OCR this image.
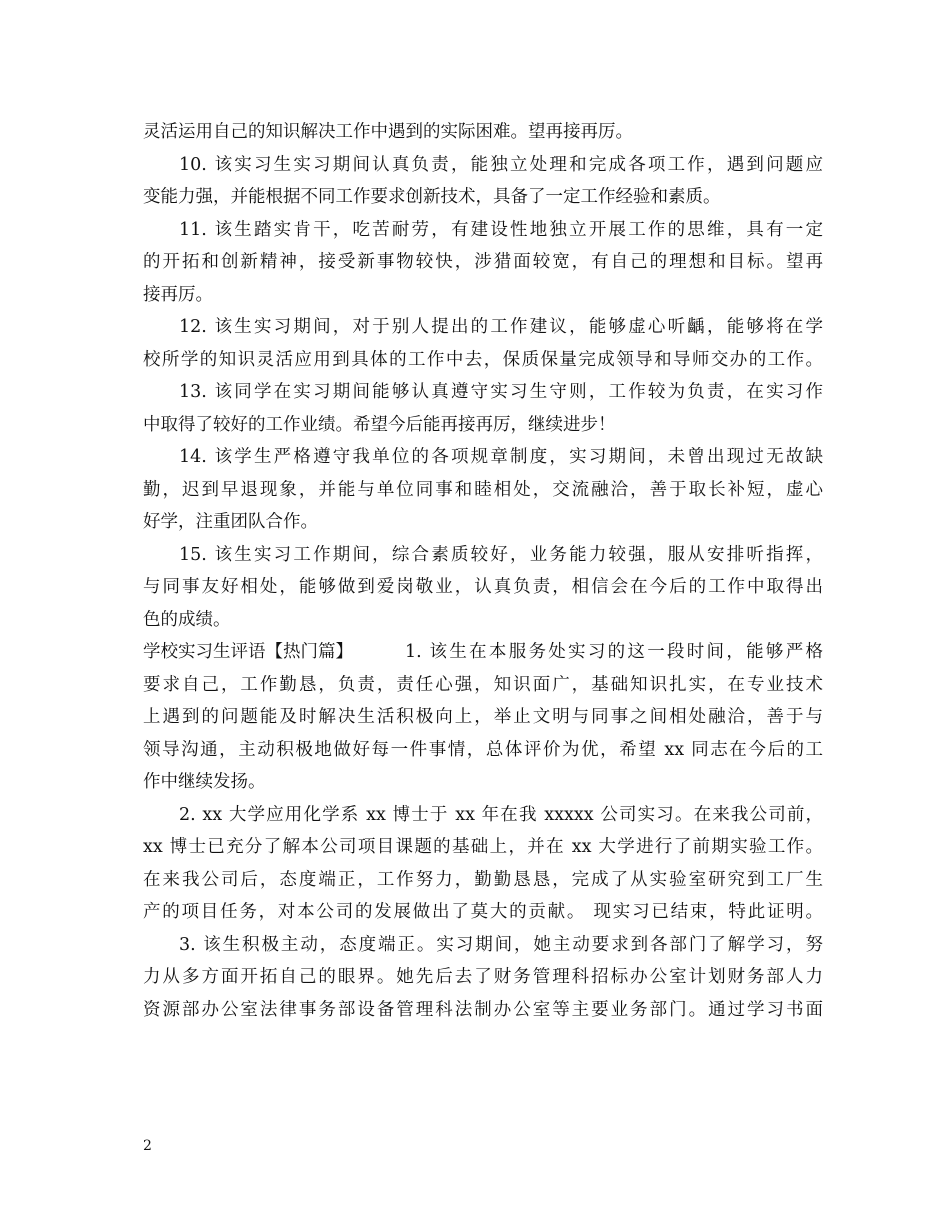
灵活运用自己的知识解决工作中遇到的实际困难。望再接再厉。
10. 该实习生实习期间认真负责，能独立处理和完成各项工作，遇到问题应
变能力强，并能根据不同工作要求创新技术，具备了一定工作经验和素质。
11. 该生踏实肯干，吃苦耐劳，有建设性地独立开展工作的思维，具有一定
的开拓和创新精神，接受新事物较快，涉猎面较宽，有自己的理想和目标。望再
接再厉。
12. 该生实习期间，对于别人提出的工作建议，能够虚心听齲，能够将在学
校所学的知识灵活应用到具体的工作中去，保质保量完成领导和导师交办的工作。
13. 该同学在实习期间能够认真遵守实习生守则，工作较为负责，在实习作
中取得了较好的工作业绩。希望今后能再接再厉，继续进步！
14. 该学生严格遵守我单位的各项规章制度，实习期间，未曾出现过无故缺
勤，迟到早退现象，并能与单位同事和睦相处，交流融洽，善于取长补短，虚心
好学，注重团队合作。
15. 该生实习工作期间，综合素质较好，业务能力较强，服从安排听指挥，
与同事友好相处，能够做到爱岗敬业，认真负责，相信会在今后的工作中取得出
色的成绩。
学校实习生评语【热门篇】	1. 该生在本服务处实习的这一段时间，能够严格
要求自己，工作勤恳，负责，责任心强，知识面广，基础知识扎实，在专业技术
上遇到的问题能及时解决生活积极向上，举止文明与同事之间相处融洽，善于与
领导沟通，主动积极地做好每一件事情，总体评价为优，希望 xx 同志在今后的工
作中继续发扬。
2. xx 大学应用化学系 xx 博士于 xx 年在我 xxxxx 公司实习。在来我公司前，
xx 博士已充分了解本公司项目课题的基础上，并在 xx 大学进行了前期实验工作。
在来我公司后，态度端正，工作努力，勤勤恳恳，完成了从实验室研究到工厂生
产的项目任务，对本公司的发展做出了莫大的贡献。 现实习已结束，特此证明。
3. 该生积极主动，态度端正。实习期间，她主动要求到各部门了解学习，努
力从多方面开拓自己的眼界。她先后去了财务管理科招标办公室计划财务部人力
资源部办公室法律事务部设备管理科法制办公室等主要业务部门。通过学习书面
2
